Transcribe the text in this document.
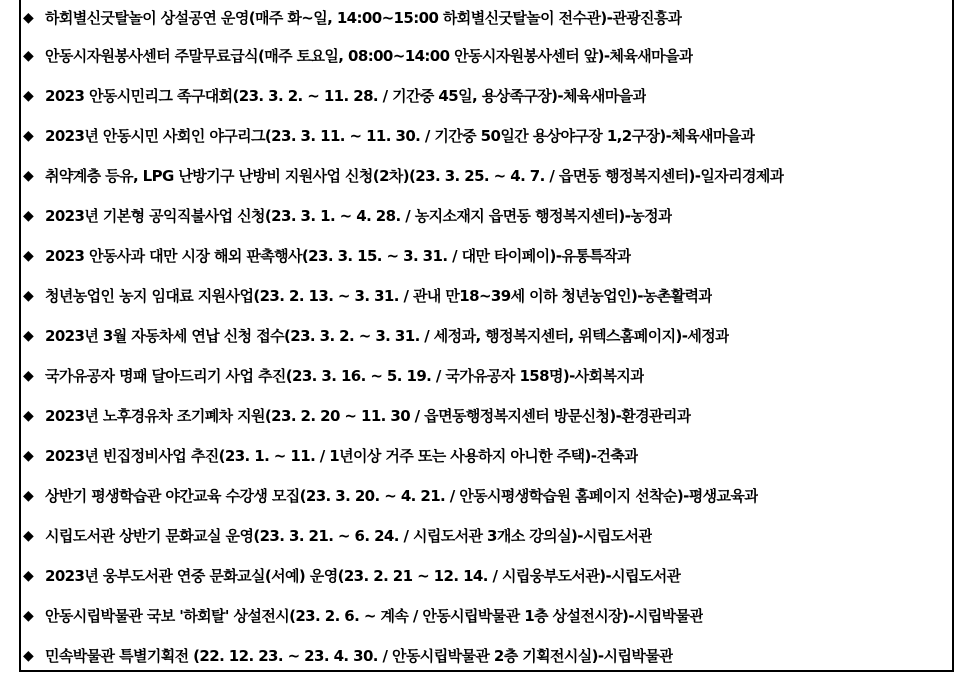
◆ 하회별신굿탈놀이 상설공연 운영(매주 화~일, 14:00~15:00 하회별신굿탈놀이 전수관)-관광진흥과
◆ 안동시자원봉사센터 주말무료급식(매주 토요일, 08:00~14:00 안동시자원봉사센터 앞)-체육새마을과
◆ 2023 안동시민리그 족구대회(23. 3. 2. ~ 11. 28. / 기간중 45일, 용상족구장)-체육새마을과
◆ 2023년 안동시민 사회인 야구리그(23. 3. 11. ~ 11. 30. / 기간중 50일간 용상야구장 1,2구장)-체육새마을과
◆ 취약계층 등유, LPG 난방기구 난방비 지원사업 신청(2차)(23. 3. 25. ~ 4. 7. / 읍면동 행정복지센터)-일자리경제과
◆ 2023년 기본형 공익직불사업 신청(23. 3. 1. ~ 4. 28. / 농지소재지 읍면동 행정복지센터)-농정과
◆ 2023 안동사과 대만 시장 해외 판촉행사(23. 3. 15. ~ 3. 31. / 대만 타이페이)-유통특작과
◆ 청년농업인 농지 임대료 지원사업(23. 2. 13. ~ 3. 31. / 관내 만18~39세 이하 청년농업인)-농촌활력과
◆ 2023년 3월 자동차세 연납 신청 접수(23. 3. 2. ~ 3. 31. / 세정과, 행정복지센터, 위텍스홈페이지)-세정과
◆ 국가유공자 명패 달아드리기 사업 추진(23. 3. 16. ~ 5. 19. / 국가유공자 158명)-사회복지과
◆ 2023년 노후경유차 조기폐차 지원(23. 2. 20 ~ 11. 30 / 읍면동행정복지센터 방문신청)-환경관리과
◆ 2023년 빈집정비사업 추진(23. 1. ~ 11. / 1년이상 거주 또는 사용하지 아니한 주택)-건축과
◆ 상반기 평생학습관 야간교육 수강생 모집(23. 3. 20. ~ 4. 21. / 안동시평생학습원 홈페이지 선착순)-평생교육과
◆ 시립도서관 상반기 문화교실 운영(23. 3. 21. ~ 6. 24. / 시립도서관 3개소 강의실)-시립도서관
◆ 2023년 웅부도서관 연중 문화교실(서예) 운영(23. 2. 21 ~ 12. 14. / 시립웅부도서관)-시립도서관
◆ 안동시립박물관 국보 '하회탈' 상설전시(23. 2. 6. ~ 계속 / 안동시립박물관 1층 상설전시장)-시립박물관
◆ 민속박물관 특별기획전 (22. 12. 23. ~ 23. 4. 30. / 안동시립박물관 2층 기획전시실)-시립박물관
